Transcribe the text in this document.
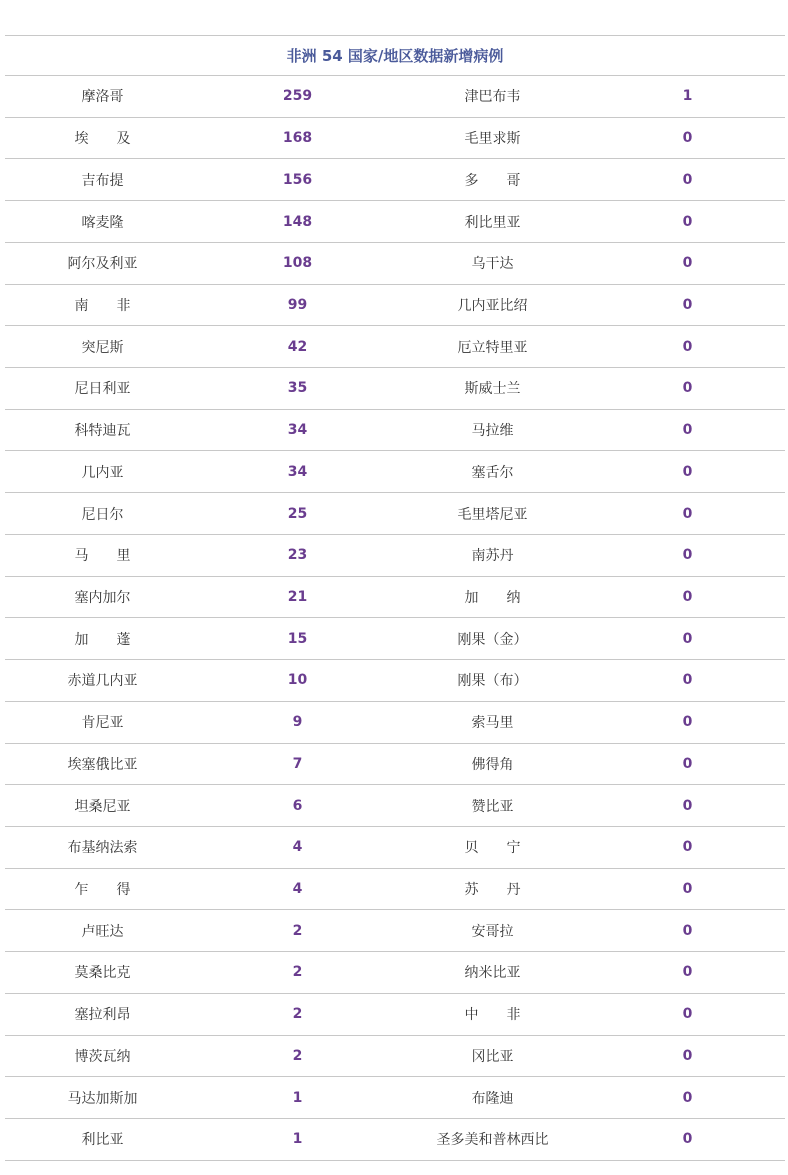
非洲 54 国家/地区数据新增病例
摩洛哥	259	津巴布韦	1
埃　　及	168	毛里求斯	0
吉布提	156	多　　哥	0
喀麦隆	148	利比里亚	0
阿尔及利亚	108	乌干达	0
南　　非	99	几内亚比绍	0
突尼斯	42	厄立特里亚	0
尼日利亚	35	斯威士兰	0
科特迪瓦	34	马拉维	0
几内亚	34	塞舌尔	0
尼日尔	25	毛里塔尼亚	0
马　　里	23	南苏丹	0
塞内加尔	21	加　　纳	0
加　　蓬	15	刚果（金）	0
赤道几内亚	10	刚果（布）	0
肯尼亚	9	索马里	0
埃塞俄比亚	7	佛得角	0
坦桑尼亚	6	赞比亚	0
布基纳法索	4	贝　　宁	0
乍　　得	4	苏　　丹	0
卢旺达	2	安哥拉	0
莫桑比克	2	纳米比亚	0
塞拉利昂	2	中　　非	0
博茨瓦纳	2	冈比亚	0
马达加斯加	1	布隆迪	0
利比亚	1	圣多美和普林西比	0
